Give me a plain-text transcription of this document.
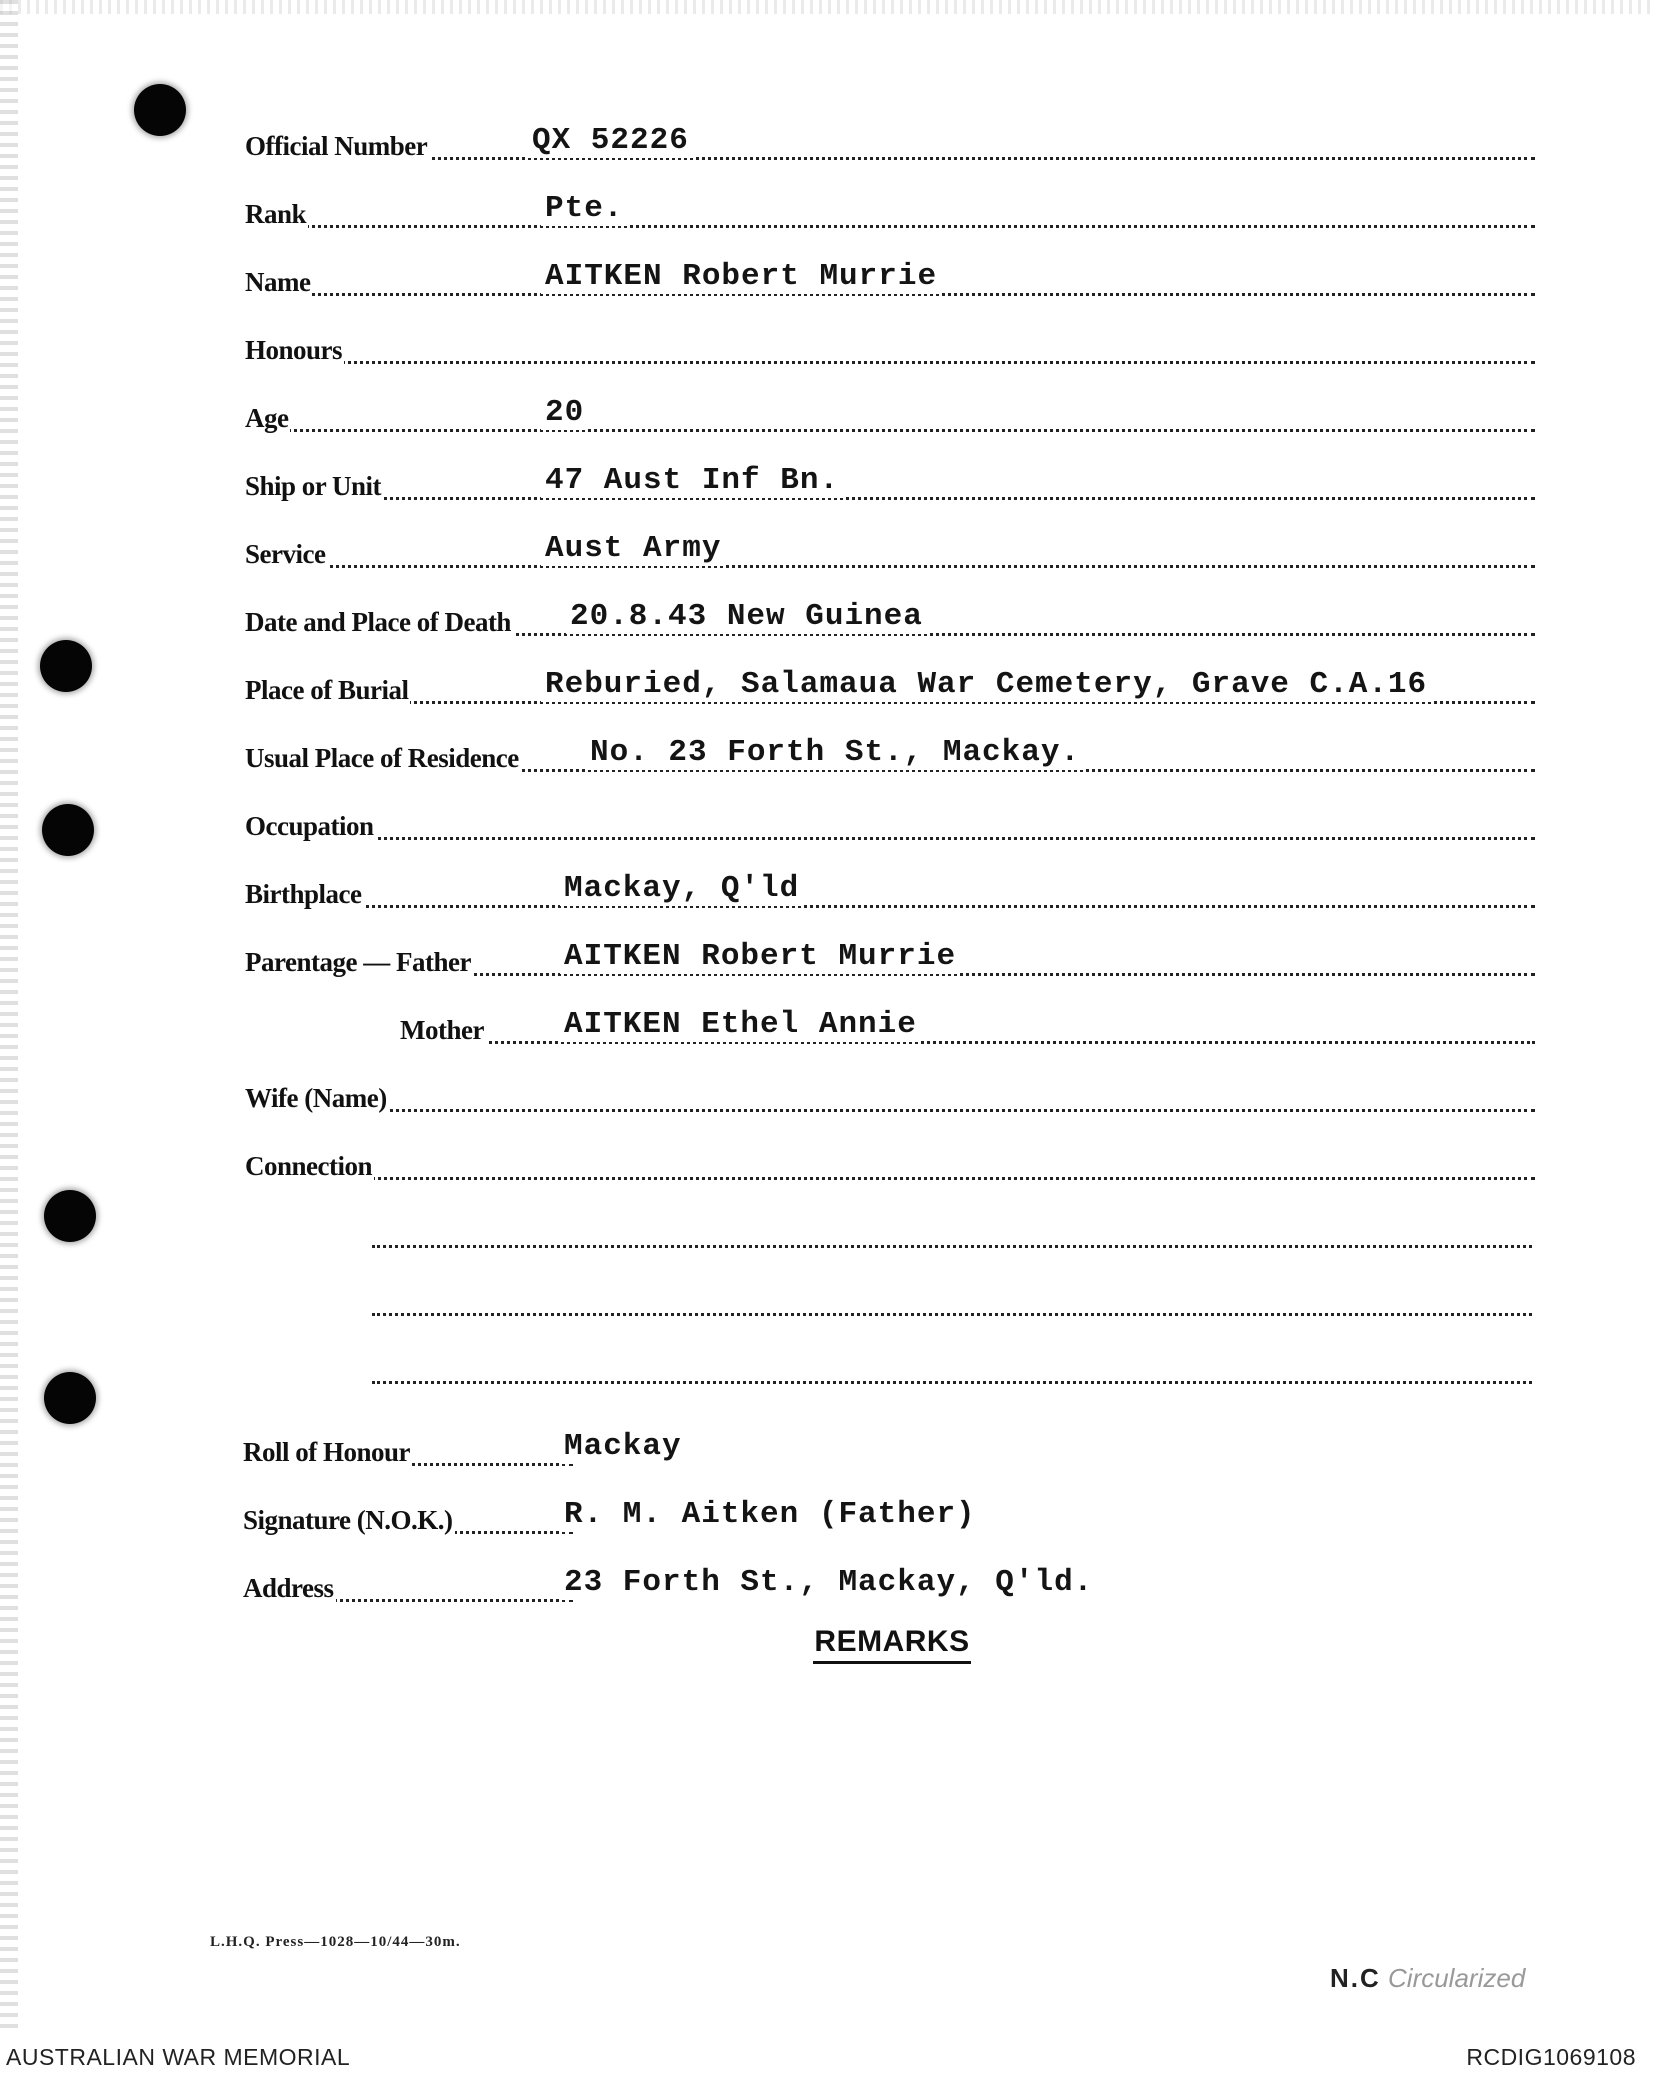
Official Number	QX 52226
Rank	Pte.
Name	AITKEN Robert Murrie
Honours
Age	20
Ship or Unit	47 Aust Inf Bn.
Service	Aust Army
Date and Place of Death 20.8.43 New Guinea
Place of Burial	Reburied, Salamaua War Cemetery, Grave C.A.16
Usual Place of Residence No. 23 Forth St., Mackay.
Occupation
Birthplace	Mackay, Q'ld
Parentage — Father	AITKEN Robert Murrie
Mother	AITKEN Ethel Annie
Wife (Name)
Connection
Roll of Honour	Mackay
Signature (N.O.K.)	R. M. Aitken (Father)
Address	23 Forth St., Mackay, Q'ld.
REMARKS
L.H.Q. Press—1028—10/44—30m.
N.C Circularized
AUSTRALIAN WAR MEMORIAL	RCDIG1069108
